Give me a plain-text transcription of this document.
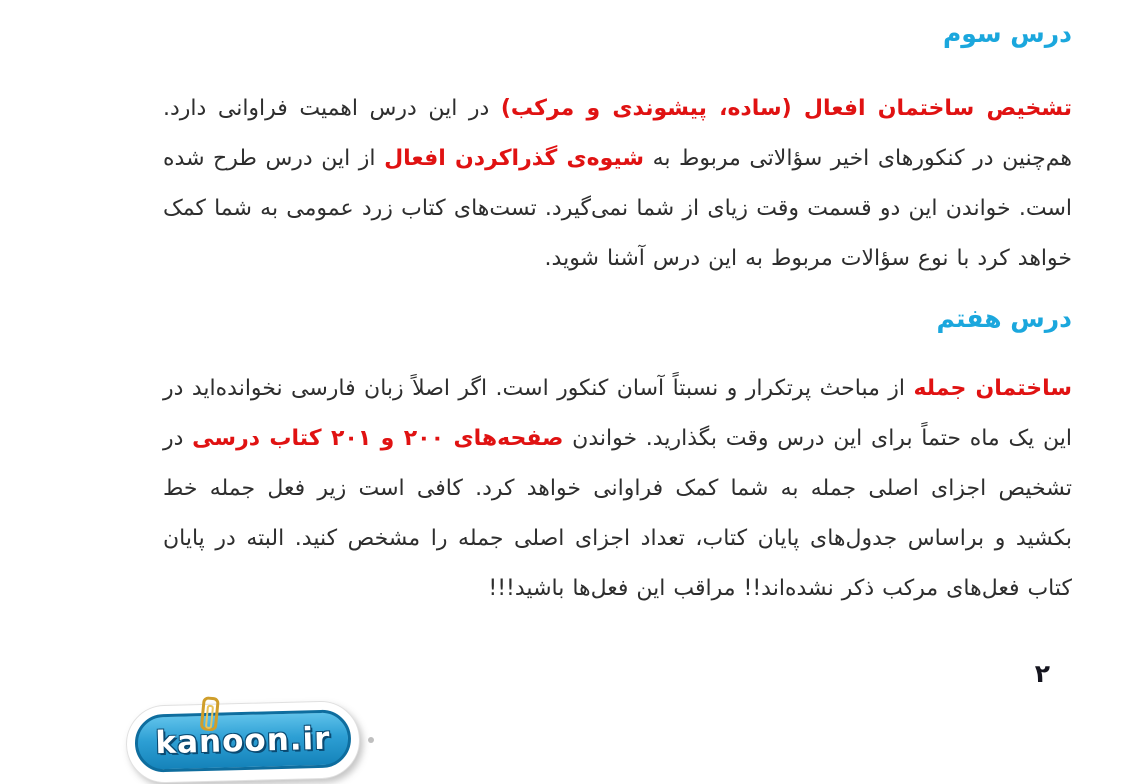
درس سوم

تشخیص ساختمان افعال (ساده، پیشوندی و مرکب) در این درس اهمیت فراوانی دارد. هم‌چنین در کنکورهای اخیر سؤالاتی مربوط به شیوه‌ی گذراکردن افعال از این درس طرح شده است. خواندن این دو قسمت وقت زیای از شما نمی‌گیرد. تست‌های کتاب زرد عمومی به شما کمک خواهد کرد با نوع سؤالات مربوط به این درس آشنا شوید.

درس هفتم

ساختمان جمله از مباحث پرتکرار و نسبتاً آسان کنکور است. اگر اصلاً زبان فارسی نخوانده‌اید در این یک ماه حتماً برای این درس وقت بگذارید. خواندن صفحه‌های ۲۰۰ و ۲۰۱ کتاب درسی در تشخیص اجزای اصلی جمله به شما کمک فراوانی خواهد کرد. کافی است زیر فعل جمله خط بکشید و براساس جدول‌های پایان کتاب، تعداد اجزای اصلی جمله را مشخص کنید. البته در پایان کتاب فعل‌های مرکب ذکر نشده‌اند!! مراقب این فعل‌ها باشید!!!

۲
kanoon.ir
